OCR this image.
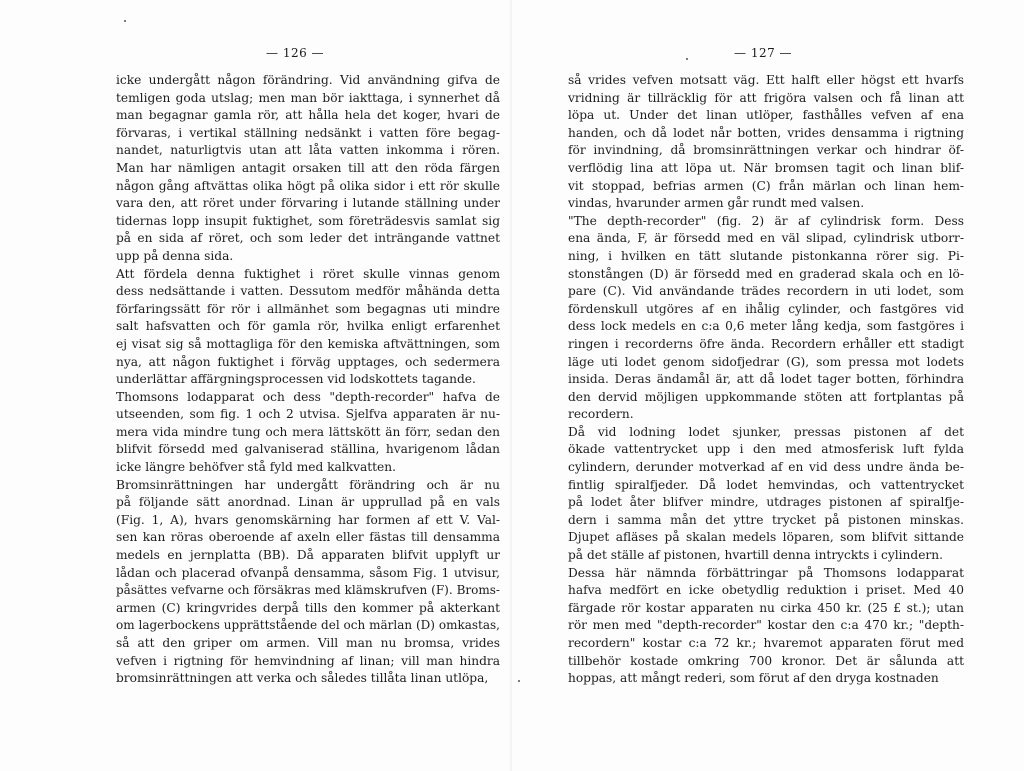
— 126 —
icke undergått någon förändring. Vid användning gifva de
temligen goda utslag; men man bör iakttaga, i synnerhet då
man begagnar gamla rör, att hålla hela det koger, hvari de
förvaras, i vertikal ställning nedsänkt i vatten före begag-
nandet, naturligtvis utan att låta vatten inkomma i rören.
Man har nämligen antagit orsaken till att den röda färgen
någon gång aftvättas olika högt på olika sidor i ett rör skulle
vara den, att röret under förvaring i lutande ställning under
tidernas lopp insupit fuktighet, som företrädesvis samlat sig
på en sida af röret, och som leder det inträngande vattnet
upp på denna sida.
Att fördela denna fuktighet i röret skulle vinnas genom
dess nedsättande i vatten. Dessutom medför måhända detta
förfaringssätt för rör i allmänhet som begagnas uti mindre
salt hafsvatten och för gamla rör, hvilka enligt erfarenhet
ej visat sig så mottagliga för den kemiska aftvättningen, som
nya, att någon fuktighet i förväg upptages, och sedermera
underlättar affärgningsprocessen vid lodskottets tagande.
Thomsons lodapparat och dess "depth-recorder" hafva de
utseenden, som fig. 1 och 2 utvisa. Sjelfva apparaten är nu-
mera vida mindre tung och mera lättskött än förr, sedan den
blifvit försedd med galvaniserad ställina, hvarigenom lådan
icke längre behöfver stå fyld med kalkvatten.
Bromsinrättningen har undergått förändring och är nu
på följande sätt anordnad. Linan är upprullad på en vals
(Fig. 1, A), hvars genomskärning har formen af ett V. Val-
sen kan röras oberoende af axeln eller fästas till densamma
medels en jernplatta (BB). Då apparaten blifvit upplyft ur
lådan och placerad ofvanpå densamma, såsom Fig. 1 utvisur,
påsättes vefvarne och försäkras med klämskrufven (F). Broms-
armen (C) kringvrides derpå tills den kommer på akterkant
om lagerbockens upprättstående del och märlan (D) omkastas,
så att den griper om armen. Vill man nu bromsa, vrides
vefven i rigtning för hemvindning af linan; vill man hindra
bromsinrättningen att verka och således tillåta linan utlöpa,
— 127 —
så vrides vefven motsatt väg. Ett halft eller högst ett hvarfs
vridning är tillräcklig för att frigöra valsen och få linan att
löpa ut. Under det linan utlöper, fasthålles vefven af ena
handen, och då lodet når botten, vrides densamma i rigtning
för invindning, då bromsinrättningen verkar och hindrar öf-
verflödig lina att löpa ut. När bromsen tagit och linan blif-
vit stoppad, befrias armen (C) från märlan och linan hem-
vindas, hvarunder armen går rundt med valsen.
"The depth-recorder" (fig. 2) är af cylindrisk form. Dess
ena ända, F, är försedd med en väl slipad, cylindrisk utborr-
ning, i hvilken en tätt slutande pistonkanna rörer sig. Pi-
stonstången (D) är försedd med en graderad skala och en lö-
pare (C). Vid användande trädes recordern in uti lodet, som
fördenskull utgöres af en ihålig cylinder, och fastgöres vid
dess lock medels en c:a 0,6 meter lång kedja, som fastgöres i
ringen i recorderns öfre ända. Recordern erhåller ett stadigt
läge uti lodet genom sidofjedrar (G), som pressa mot lodets
insida. Deras ändamål är, att då lodet tager botten, förhindra
den dervid möjligen uppkommande stöten att fortplantas på
recordern.
Då vid lodning lodet sjunker, pressas pistonen af det
ökade vattentrycket upp i den med atmosferisk luft fylda
cylindern, derunder motverkad af en vid dess undre ända be-
fintlig spiralfjeder. Då lodet hemvindas, och vattentrycket
på lodet åter blifver mindre, utdrages pistonen af spiralfje-
dern i samma mån det yttre trycket på pistonen minskas.
Djupet afläses på skalan medels löparen, som blifvit sittande
på det ställe af pistonen, hvartill denna intryckts i cylindern.
Dessa här nämnda förbättringar på Thomsons lodapparat
hafva medfört en icke obetydlig reduktion i priset. Med 40
färgade rör kostar apparaten nu cirka 450 kr. (25 £ st.); utan
rör men med "depth-recorder" kostar den c:a 470 kr.; "depth-
recordern" kostar c:a 72 kr.; hvaremot apparaten förut med
tillbehör kostade omkring 700 kronor. Det är sålunda att
hoppas, att mångt rederi, som förut af den dryga kostnaden
